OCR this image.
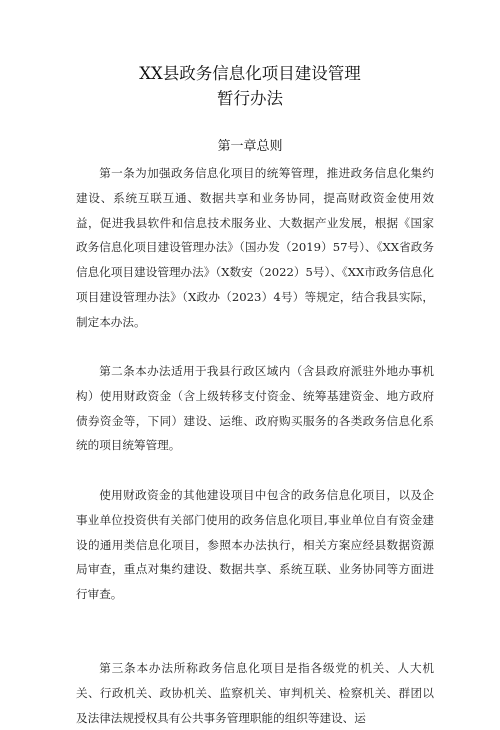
XX县政务信息化项目建设管理
暂行办法
第一章总则

第一条为加强政务信息化项目的统筹管理，推进政务信息化集约建设、系统互联互通、数据共享和业务协同，提高财政资金使用效益，促进我县软件和信息技术服务业、大数据产业发展，根据《国家政务信息化项目建设管理办法》（国办发（2019）57号）、《XX省政务信息化项目建设管理办法》（X数安（2022）5号）、《XX市政务信息化项目建设管理办法》（X政办（2023）4号）等规定，结合我县实际，制定本办法。

第二条本办法适用于我县行政区域内（含县政府派驻外地办事机构）使用财政资金（含上级转移支付资金、统筹基建资金、地方政府债券资金等，下同）建设、运维、政府购买服务的各类政务信息化系统的项目统筹管理。

使用财政资金的其他建设项目中包含的政务信息化项目，以及企事业单位投资供有关部门使用的政务信息化项目,事业单位自有资金建设的通用类信息化项目，参照本办法执行，相关方案应经县数据资源局审查，重点对集约建设、数据共享、系统互联、业务协同等方面进行审查。

第三条本办法所称政务信息化项目是指各级党的机关、人大机关、行政机关、政协机关、监察机关、审判机关、检察机关、群团以及法律法规授权具有公共事务管理职能的组织等建设、运
